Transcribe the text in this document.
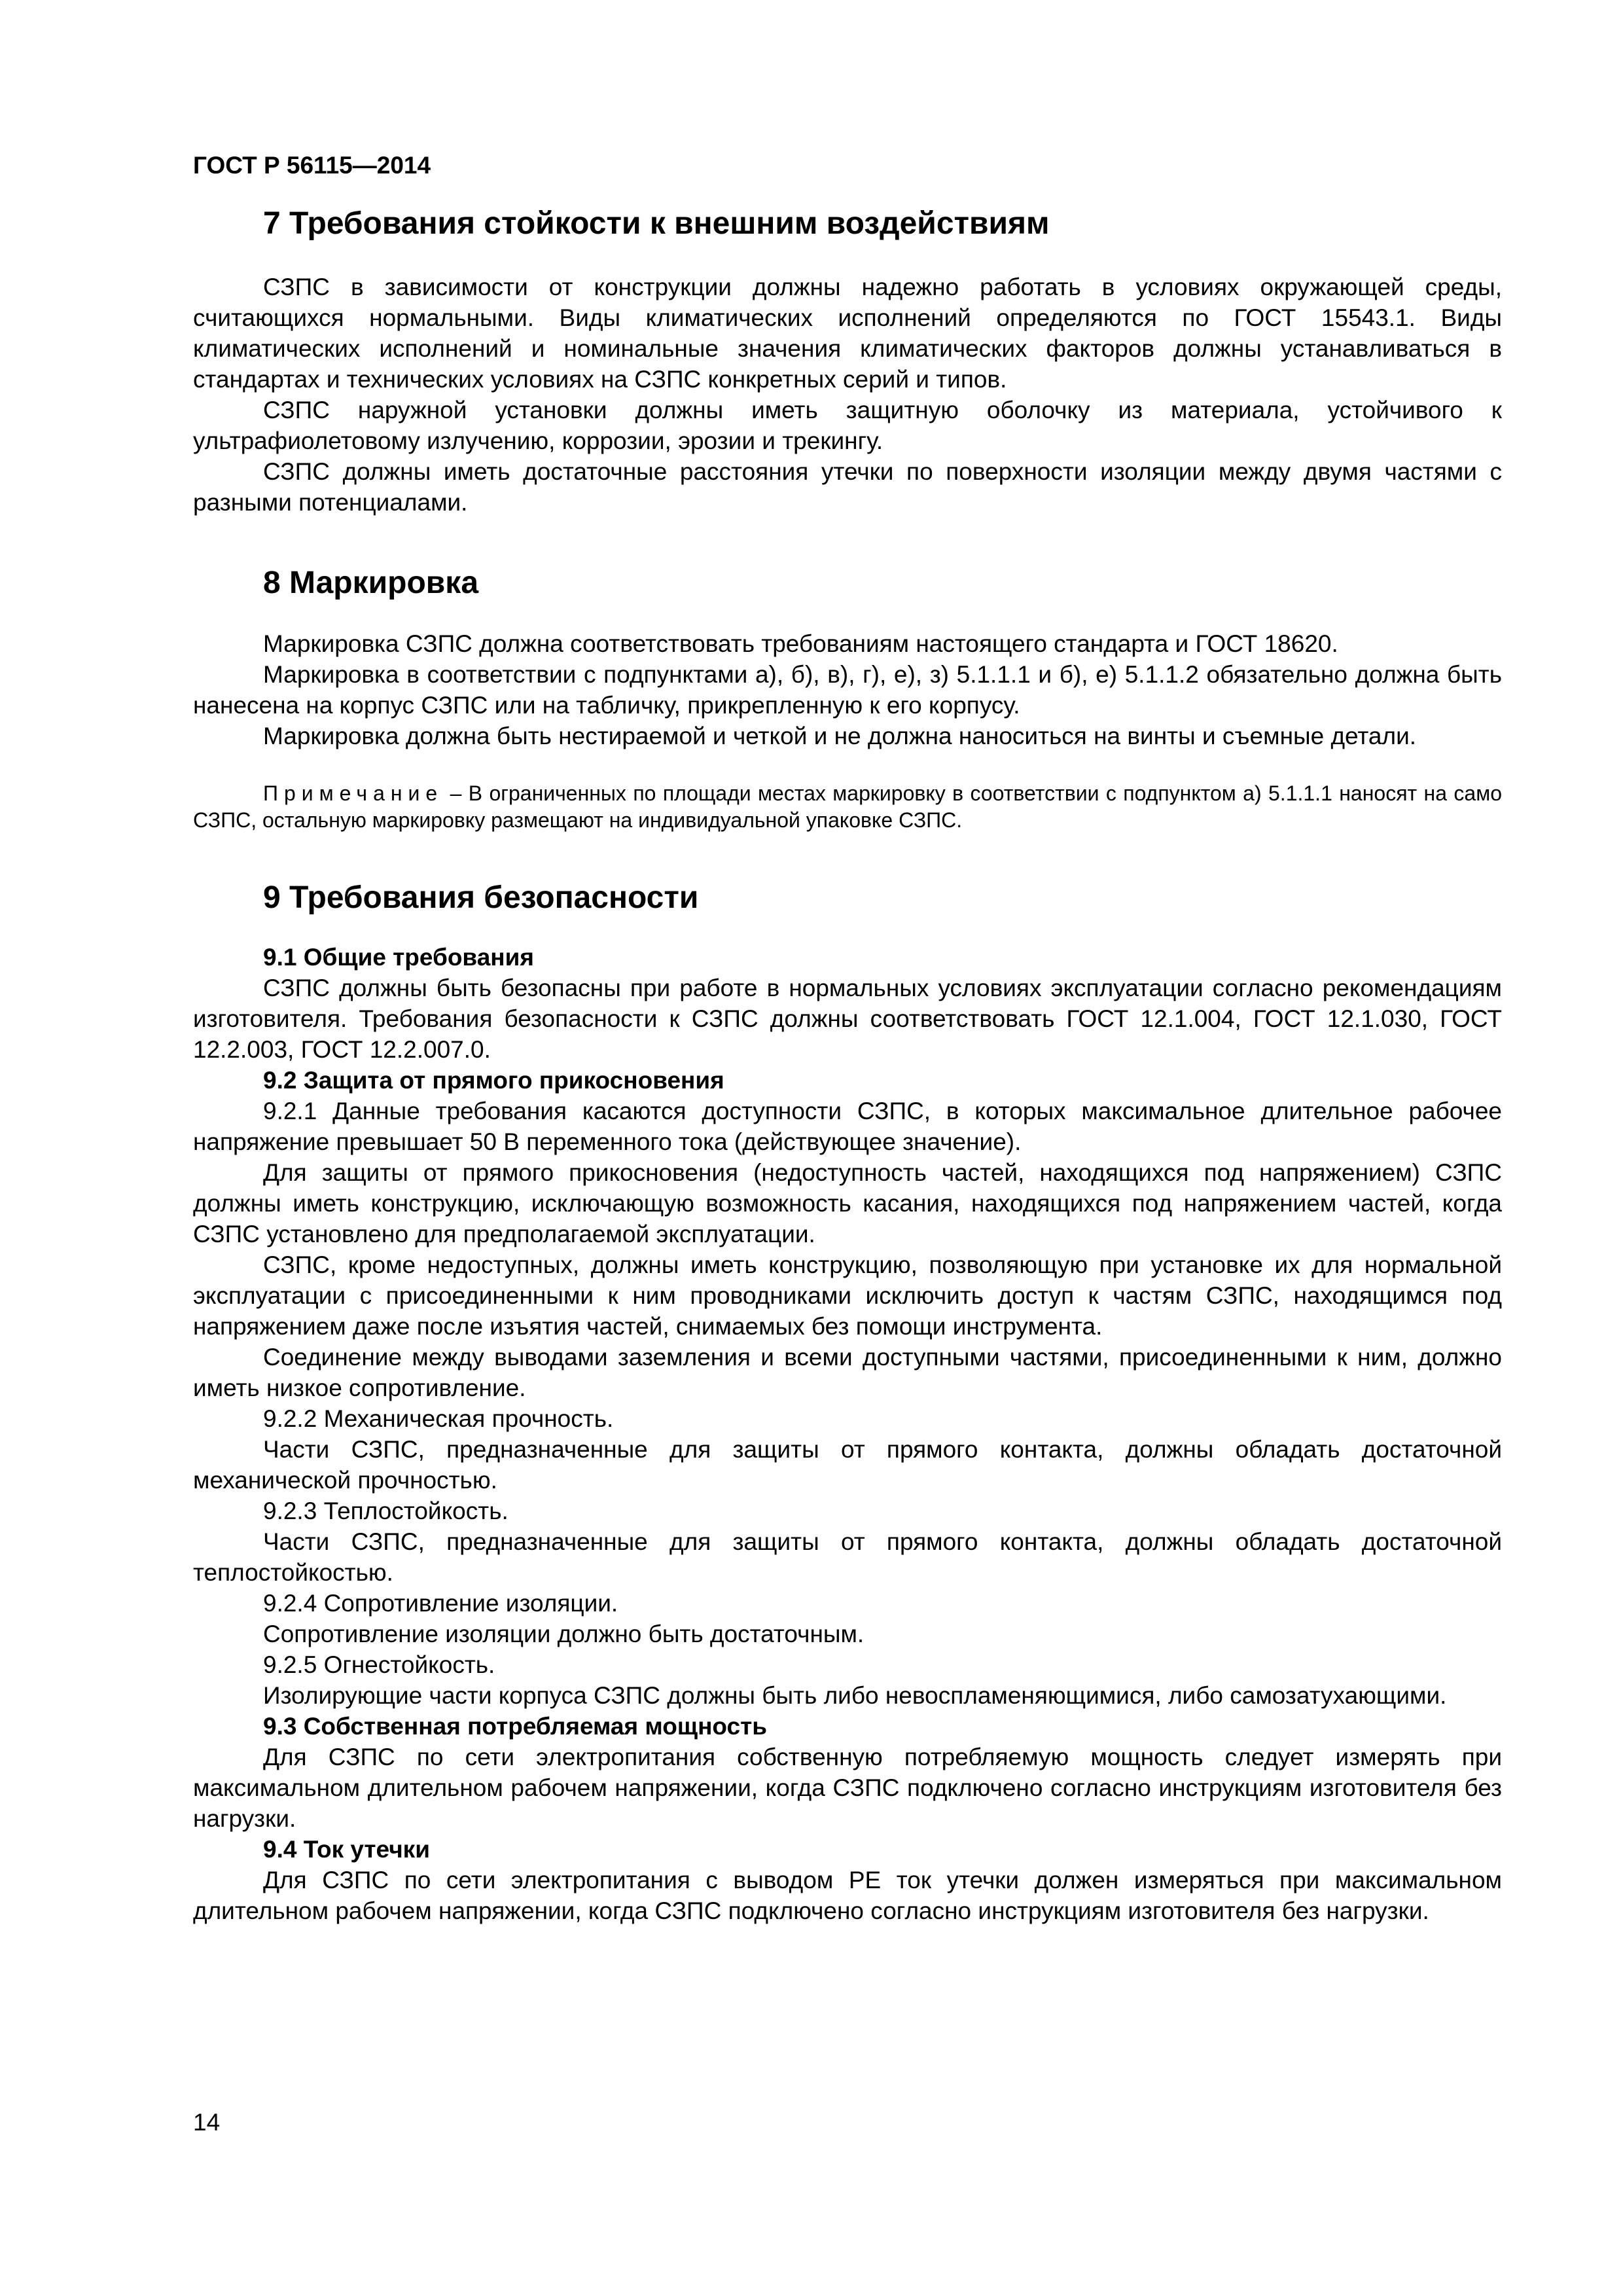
ГОСТ Р 56115—2014
7 Требования стойкости к внешним воздействиям

СЗПС в зависимости от конструкции должны надежно работать в условиях окружающей среды, считающихся нормальными. Виды климатических исполнений определяются по ГОСТ 15543.1. Виды климатических исполнений и номинальные значения климатических факторов должны устанавливаться в стандартах и технических условиях на СЗПС конкретных серий и типов.

СЗПС наружной установки должны иметь защитную оболочку из материала, устойчивого к ультрафиолетовому излучению, коррозии, эрозии и трекингу.

СЗПС должны иметь достаточные расстояния утечки по поверхности изоляции между двумя частями с разными потенциалами.

8 Маркировка

Маркировка СЗПС должна соответствовать требованиям настоящего стандарта и ГОСТ 18620.

Маркировка в соответствии с подпунктами а), б), в), г), е), з) 5.1.1.1 и б), е) 5.1.1.2 обязательно должна быть нанесена на корпус СЗПС или на табличку, прикрепленную к его корпусу.

Маркировка должна быть нестираемой и четкой и не должна наноситься на винты и съемные детали.

Примечание – В ограниченных по площади местах маркировку в соответствии с подпунктом а) 5.1.1.1 наносят на само СЗПС, остальную маркировку размещают на индивидуальной упаковке СЗПС.

9 Требования безопасности

9.1 Общие требования

СЗПС должны быть безопасны при работе в нормальных условиях эксплуатации согласно рекомендациям изготовителя. Требования безопасности к СЗПС должны соответствовать ГОСТ 12.1.004, ГОСТ 12.1.030, ГОСТ 12.2.003, ГОСТ 12.2.007.0.

9.2 Защита от прямого прикосновения

9.2.1 Данные требования касаются доступности СЗПС, в которых максимальное длительное рабочее напряжение превышает 50 В переменного тока (действующее значение).

Для защиты от прямого прикосновения (недоступность частей, находящихся под напряжением) СЗПС должны иметь конструкцию, исключающую возможность касания, находящихся под напряжением частей, когда СЗПС установлено для предполагаемой эксплуатации.

СЗПС, кроме недоступных, должны иметь конструкцию, позволяющую при установке их для нормальной эксплуатации с присоединенными к ним проводниками исключить доступ к частям СЗПС, находящимся под напряжением даже после изъятия частей, снимаемых без помощи инструмента.

Соединение между выводами заземления и всеми доступными частями, присоединенными к ним, должно иметь низкое сопротивление.

9.2.2 Механическая прочность.

Части СЗПС, предназначенные для защиты от прямого контакта, должны обладать достаточной механической прочностью.

9.2.3 Теплостойкость.

Части СЗПС, предназначенные для защиты от прямого контакта, должны обладать достаточной теплостойкостью.

9.2.4 Сопротивление изоляции.

Сопротивление изоляции должно быть достаточным.

9.2.5 Огнестойкость.

Изолирующие части корпуса СЗПС должны быть либо невоспламеняющимися, либо самозатухающими.

9.3 Собственная потребляемая мощность

Для СЗПС по сети электропитания собственную потребляемую мощность следует измерять при максимальном длительном рабочем напряжении, когда СЗПС подключено согласно инструкциям изготовителя без нагрузки.

9.4 Ток утечки

Для СЗПС по сети электропитания с выводом РЕ ток утечки должен измеряться при максимальном длительном рабочем напряжении, когда СЗПС подключено согласно инструкциям изготовителя без нагрузки.

14
